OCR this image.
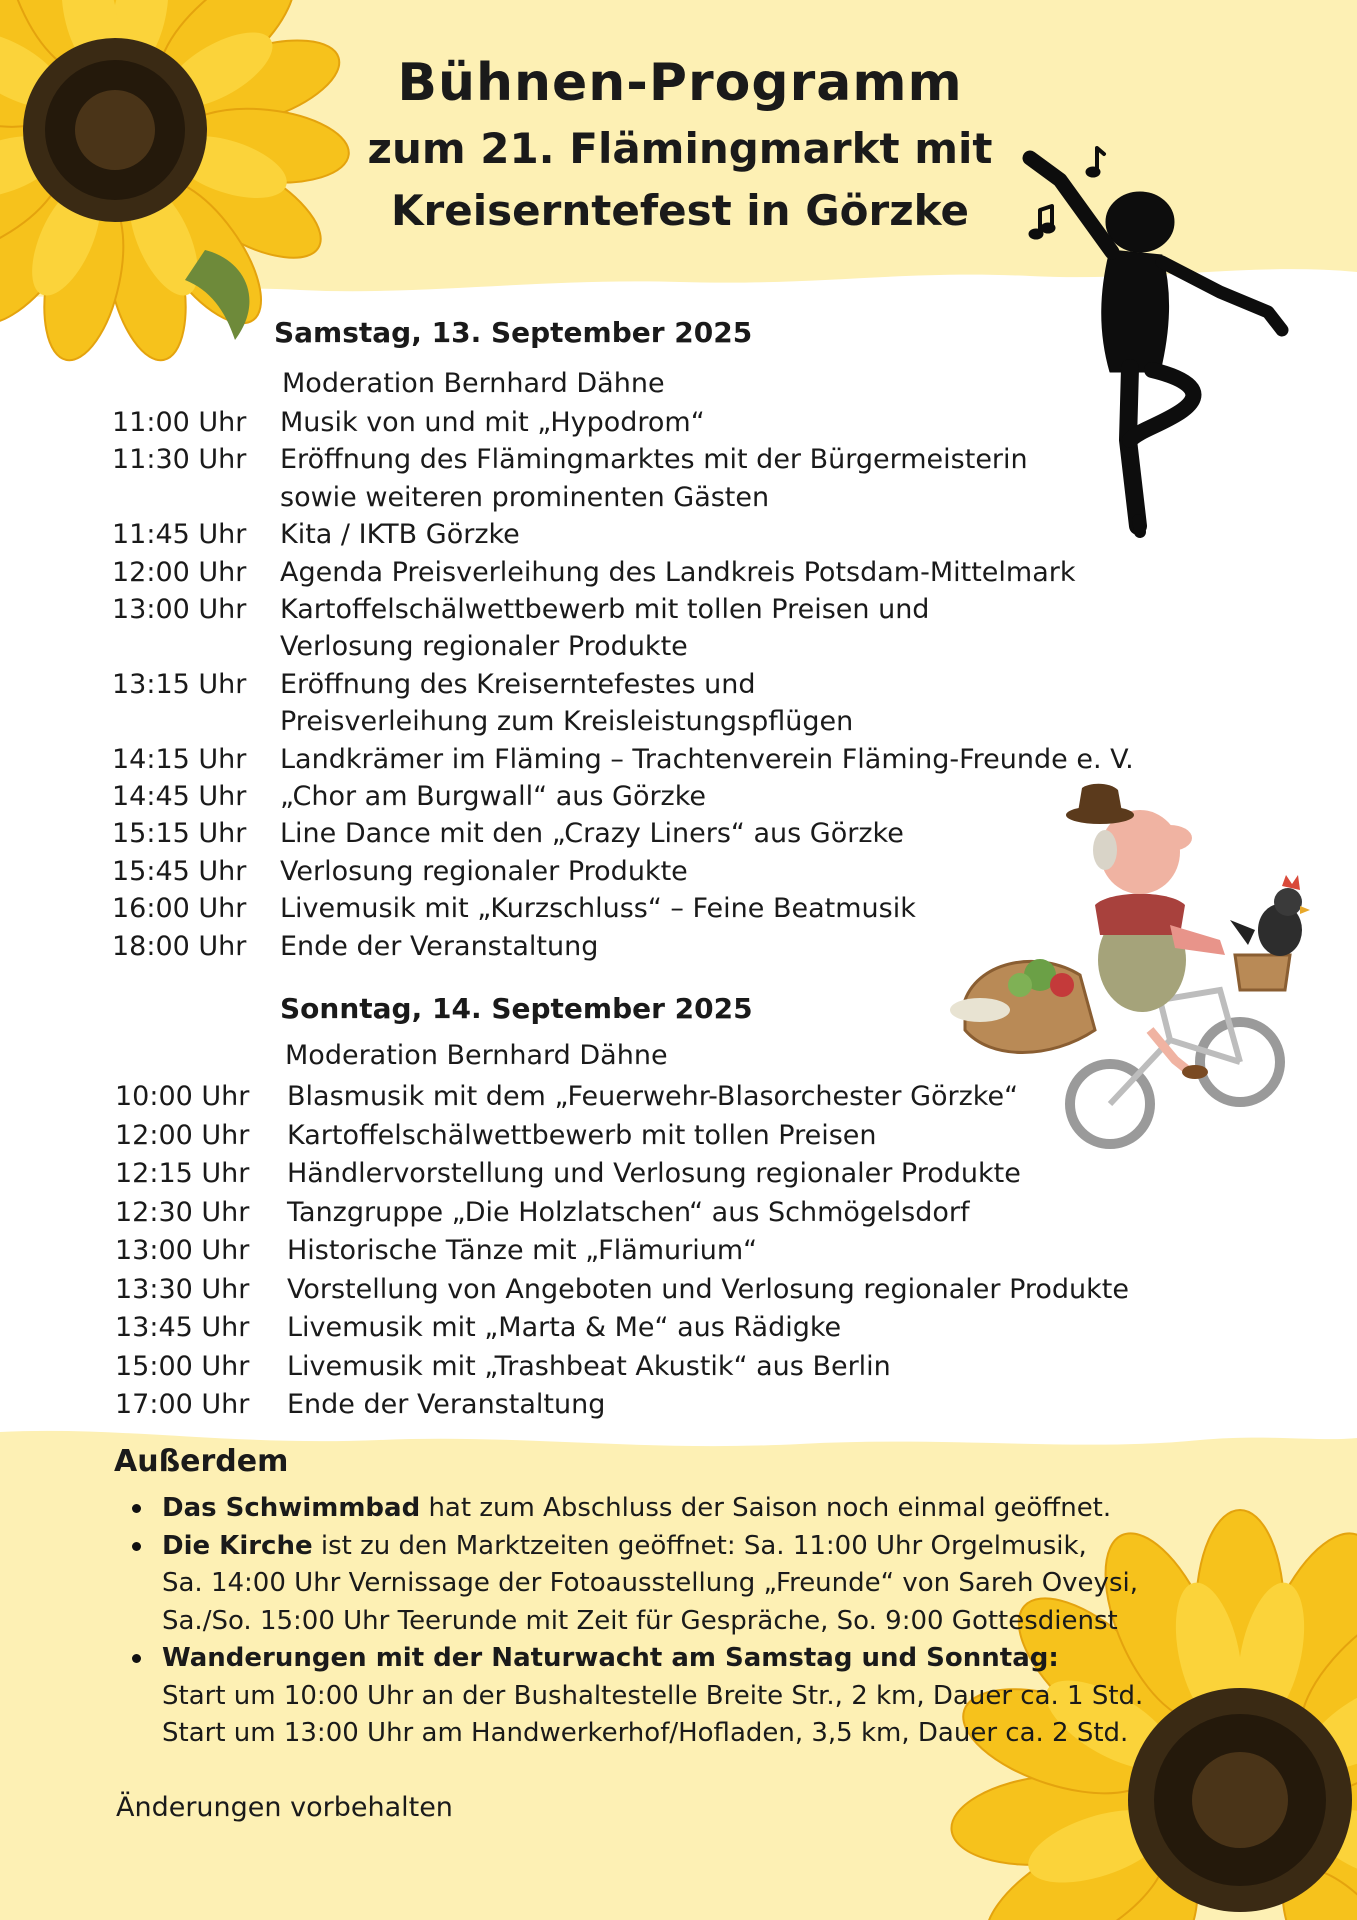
Bühnen-Programm
zum 21. Flämingmarkt mit
Kreiserntefest in Görzke
Samstag, 13. September 2025
Moderation Bernhard Dähne
11:00 Uhr	Musik von und mit „Hypodrom“
11:30 Uhr	Eröffnung des Flämingmarktes mit der Bürgermeisterin
sowie weiteren prominenten Gästen
11:45 Uhr	Kita / IKTB Görzke
12:00 Uhr	Agenda Preisverleihung des Landkreis Potsdam-Mittelmark
13:00 Uhr	Kartoffelschälwettbewerb mit tollen Preisen und
Verlosung regionaler Produkte
13:15 Uhr	Eröffnung des Kreiserntefestes und
Preisverleihung zum Kreisleistungspflügen
14:15 Uhr	Landkrämer im Fläming – Trachtenverein Fläming-Freunde e. V.
14:45 Uhr	„Chor am Burgwall“ aus Görzke
15:15 Uhr	Line Dance mit den „Crazy Liners“ aus Görzke
15:45 Uhr	Verlosung regionaler Produkte
16:00 Uhr	Livemusik mit „Kurzschluss“ – Feine Beatmusik
18:00 Uhr	Ende der Veranstaltung
Sonntag, 14. September 2025
Moderation Bernhard Dähne
10:00 Uhr	Blasmusik mit dem „Feuerwehr-Blasorchester Görzke“
12:00 Uhr	Kartoffelschälwettbewerb mit tollen Preisen
12:15 Uhr	Händlervorstellung und Verlosung regionaler Produkte
12:30 Uhr	Tanzgruppe „Die Holzlatschen“ aus Schmögelsdorf
13:00 Uhr	Historische Tänze mit „Flämurium“
13:30 Uhr	Vorstellung von Angeboten und Verlosung regionaler Produkte
13:45 Uhr	Livemusik mit „Marta & Me“ aus Rädigke
15:00 Uhr	Livemusik mit „Trashbeat Akustik“ aus Berlin
17:00 Uhr	Ende der Veranstaltung
Außerdem
Das Schwimmbad hat zum Abschluss der Saison noch einmal geöffnet.
Die Kirche ist zu den Marktzeiten geöffnet: Sa. 11:00 Uhr Orgelmusik,
Sa. 14:00 Uhr Vernissage der Fotoausstellung „Freunde“ von Sareh Oveysi,
Sa./So. 15:00 Uhr Teerunde mit Zeit für Gespräche, So. 9:00 Gottesdienst
Wanderungen mit der Naturwacht am Samstag und Sonntag:
Start um 10:00 Uhr an der Bushaltestelle Breite Str., 2 km, Dauer ca. 1 Std.
Start um 13:00 Uhr am Handwerkerhof/Hofladen, 3,5 km, Dauer ca. 2 Std.
Änderungen vorbehalten
